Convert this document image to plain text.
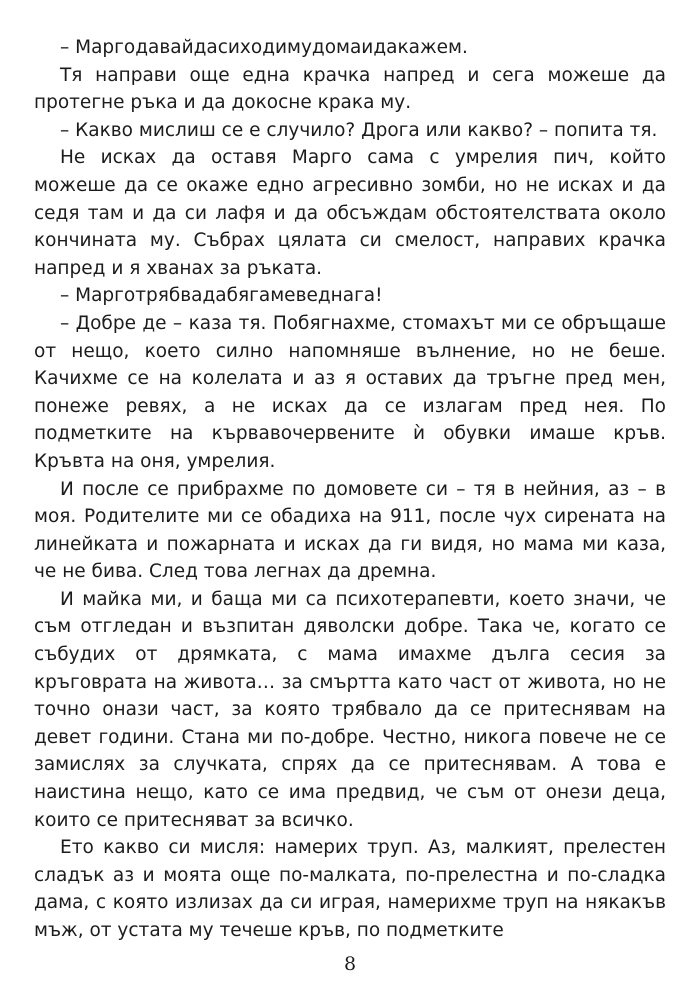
– Маргодавайдасиходимудомаидакажем.

Тя направи още една крачка напред и сега можеше да протегне ръка и да докосне крака му.

– Какво мислиш се е случило? Дрога или какво? – попита тя.

Не исках да оставя Марго сама с умрелия пич, който можеше да се окаже едно агресивно зомби, но не исках и да седя там и да си лафя и да обсъждам обстоятелствата около кончината му. Събрах цялата си смелост, направих крачка напред и я хванах за ръката.

– Марготрябвадабягамеведнага!

– Добре де – каза тя. Побягнахме, стомахът ми се обръщаше от нещо, което силно напомняше вълнение, но не беше. Качихме се на колелата и аз я оставих да тръгне пред мен, понеже ревях, а не исках да се излагам пред нея. По подметките на кървавочервените ѝ обувки имаше кръв. Кръвта на оня, умрелия.

И после се прибрахме по домовете си – тя в нейния, аз – в моя. Родителите ми се обадиха на 911, после чух сирената на линейката и пожарната и исках да ги видя, но мама ми каза, че не бива. След това легнах да дремна.

И майка ми, и баща ми са психотерапевти, което значи, че съм отгледан и възпитан дяволски добре. Така че, когато се събудих от дрямката, с мама имахме дълга сесия за кръговрата на живота… за смъртта като част от живота, но не точно онази част, за която трябвало да се притеснявам на девет години. Стана ми по-добре. Честно, никога повече не се замислях за случката, спрях да се притеснявам. А това е наистина нещо, като се има предвид, че съм от онези деца, които се притесняват за всичко.

Ето какво си мисля: намерих труп. Аз, малкият, прелестен сладък аз и моята още по-малката, по-прелестна и по-сладка дама, с която излизах да си играя, намерихме труп на някакъв мъж, от устата му течеше кръв, по подметките

8
